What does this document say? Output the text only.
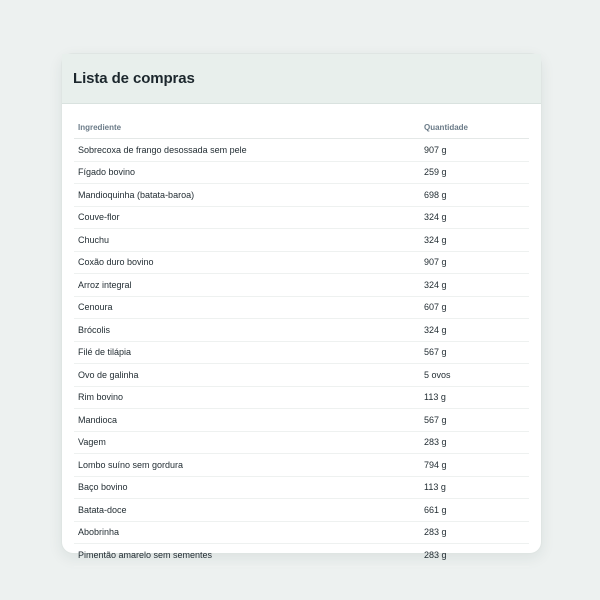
Lista de compras
Ingrediente	Quantidade
Sobrecoxa de frango desossada sem pele	907 g
Fígado bovino	259 g
Mandioquinha (batata-baroa)	698 g
Couve-flor	324 g
Chuchu	324 g
Coxão duro bovino	907 g
Arroz integral	324 g
Cenoura	607 g
Brócolis	324 g
Filé de tilápia	567 g
Ovo de galinha	5 ovos
Rim bovino	113 g
Mandioca	567 g
Vagem	283 g
Lombo suíno sem gordura	794 g
Baço bovino	113 g
Batata-doce	661 g
Abobrinha	283 g
Pimentão amarelo sem sementes	283 g
